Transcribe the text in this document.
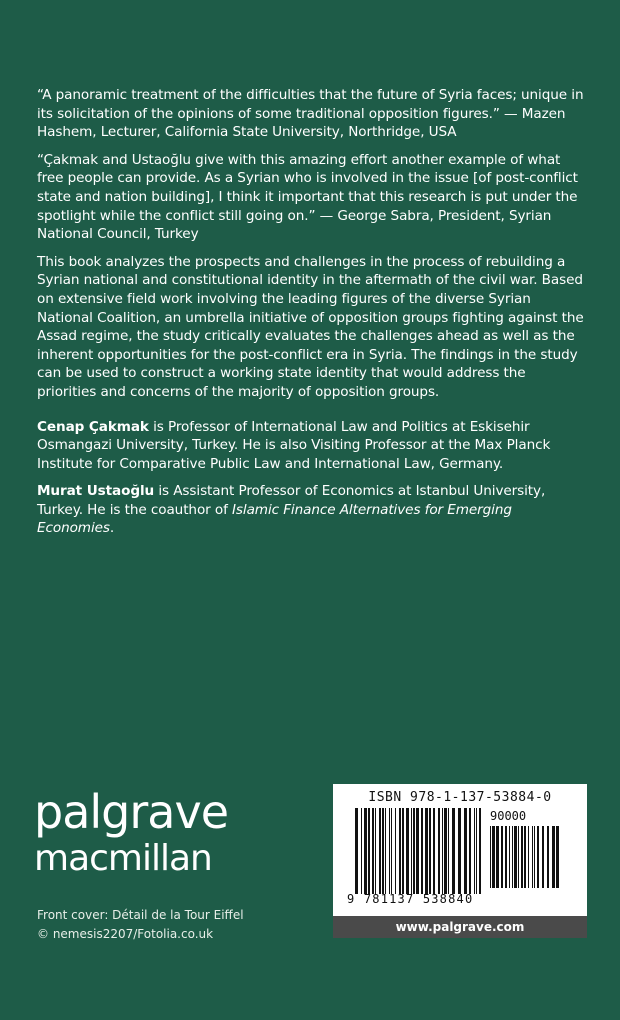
“A panoramic treatment of the difficulties that the future of Syria faces; unique in its solicitation of the opinions of some traditional opposition figures.” — Mazen Hashem, Lecturer, California State University, Northridge, USA

“Çakmak and Ustaoğlu give with this amazing effort another example of what free people can provide. As a Syrian who is involved in the issue [of post-conflict state and nation building], I think it important that this research is put under the spotlight while the conflict still going on.” — George Sabra, President, Syrian National Council, Turkey

This book analyzes the prospects and challenges in the process of rebuilding a Syrian national and constitutional identity in the aftermath of the civil war. Based on extensive field work involving the leading figures of the diverse Syrian National Coalition, an umbrella initiative of opposition groups fighting against the Assad regime, the study critically evaluates the challenges ahead as well as the inherent opportunities for the post-conflict era in Syria. The findings in the study can be used to construct a working state identity that would address the priorities and concerns of the majority of opposition groups.

Cenap Çakmak is Professor of International Law and Politics at Eskisehir Osmangazi University, Turkey. He is also Visiting Professor at the Max Planck Institute for Comparative Public Law and International Law, Germany.

Murat Ustaoğlu is Assistant Professor of Economics at Istanbul University, Turkey. He is the coauthor of Islamic Finance Alternatives for Emerging Economies.

palgrave
macmillan
Front cover: Détail de la Tour Eiffel
© nemesis2207/Fotolia.co.uk
ISBN 978-1-137-53884-0
90000
9 781137 538840
www.palgrave.com
